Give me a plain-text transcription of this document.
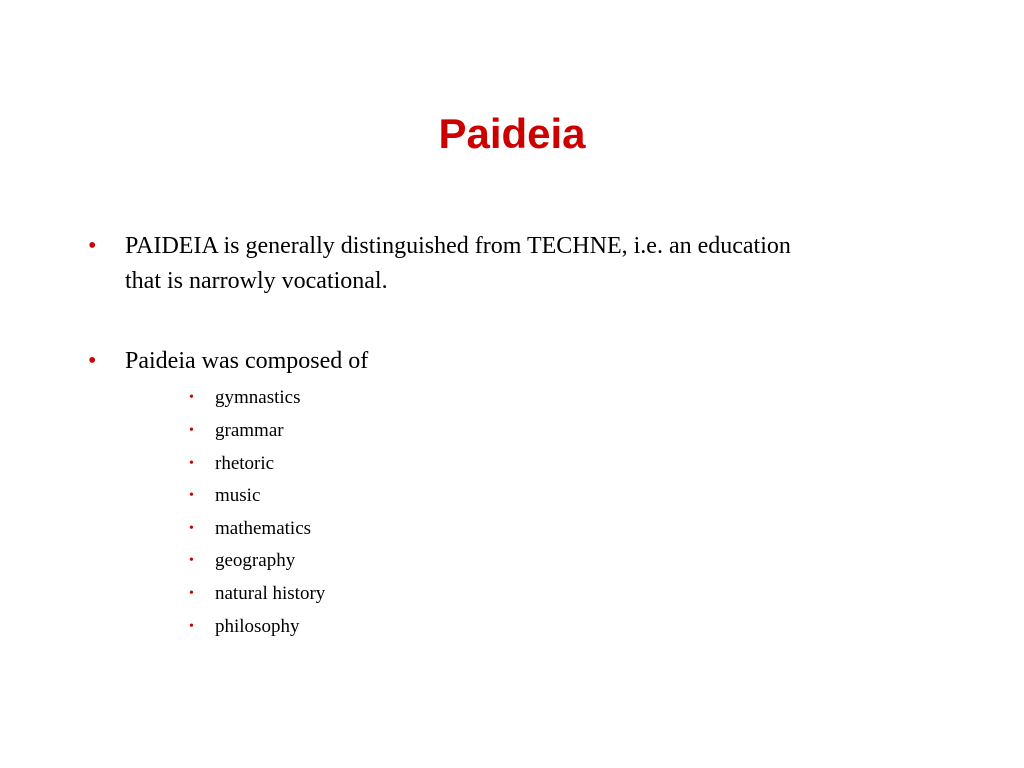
Paideia
• PAIDEIA is generally distinguished from TECHNE, i.e. an education
that is narrowly vocational.
• Paideia was composed of
• gymnastics
• grammar
• rhetoric
• music
• mathematics
• geography
• natural history
• philosophy
